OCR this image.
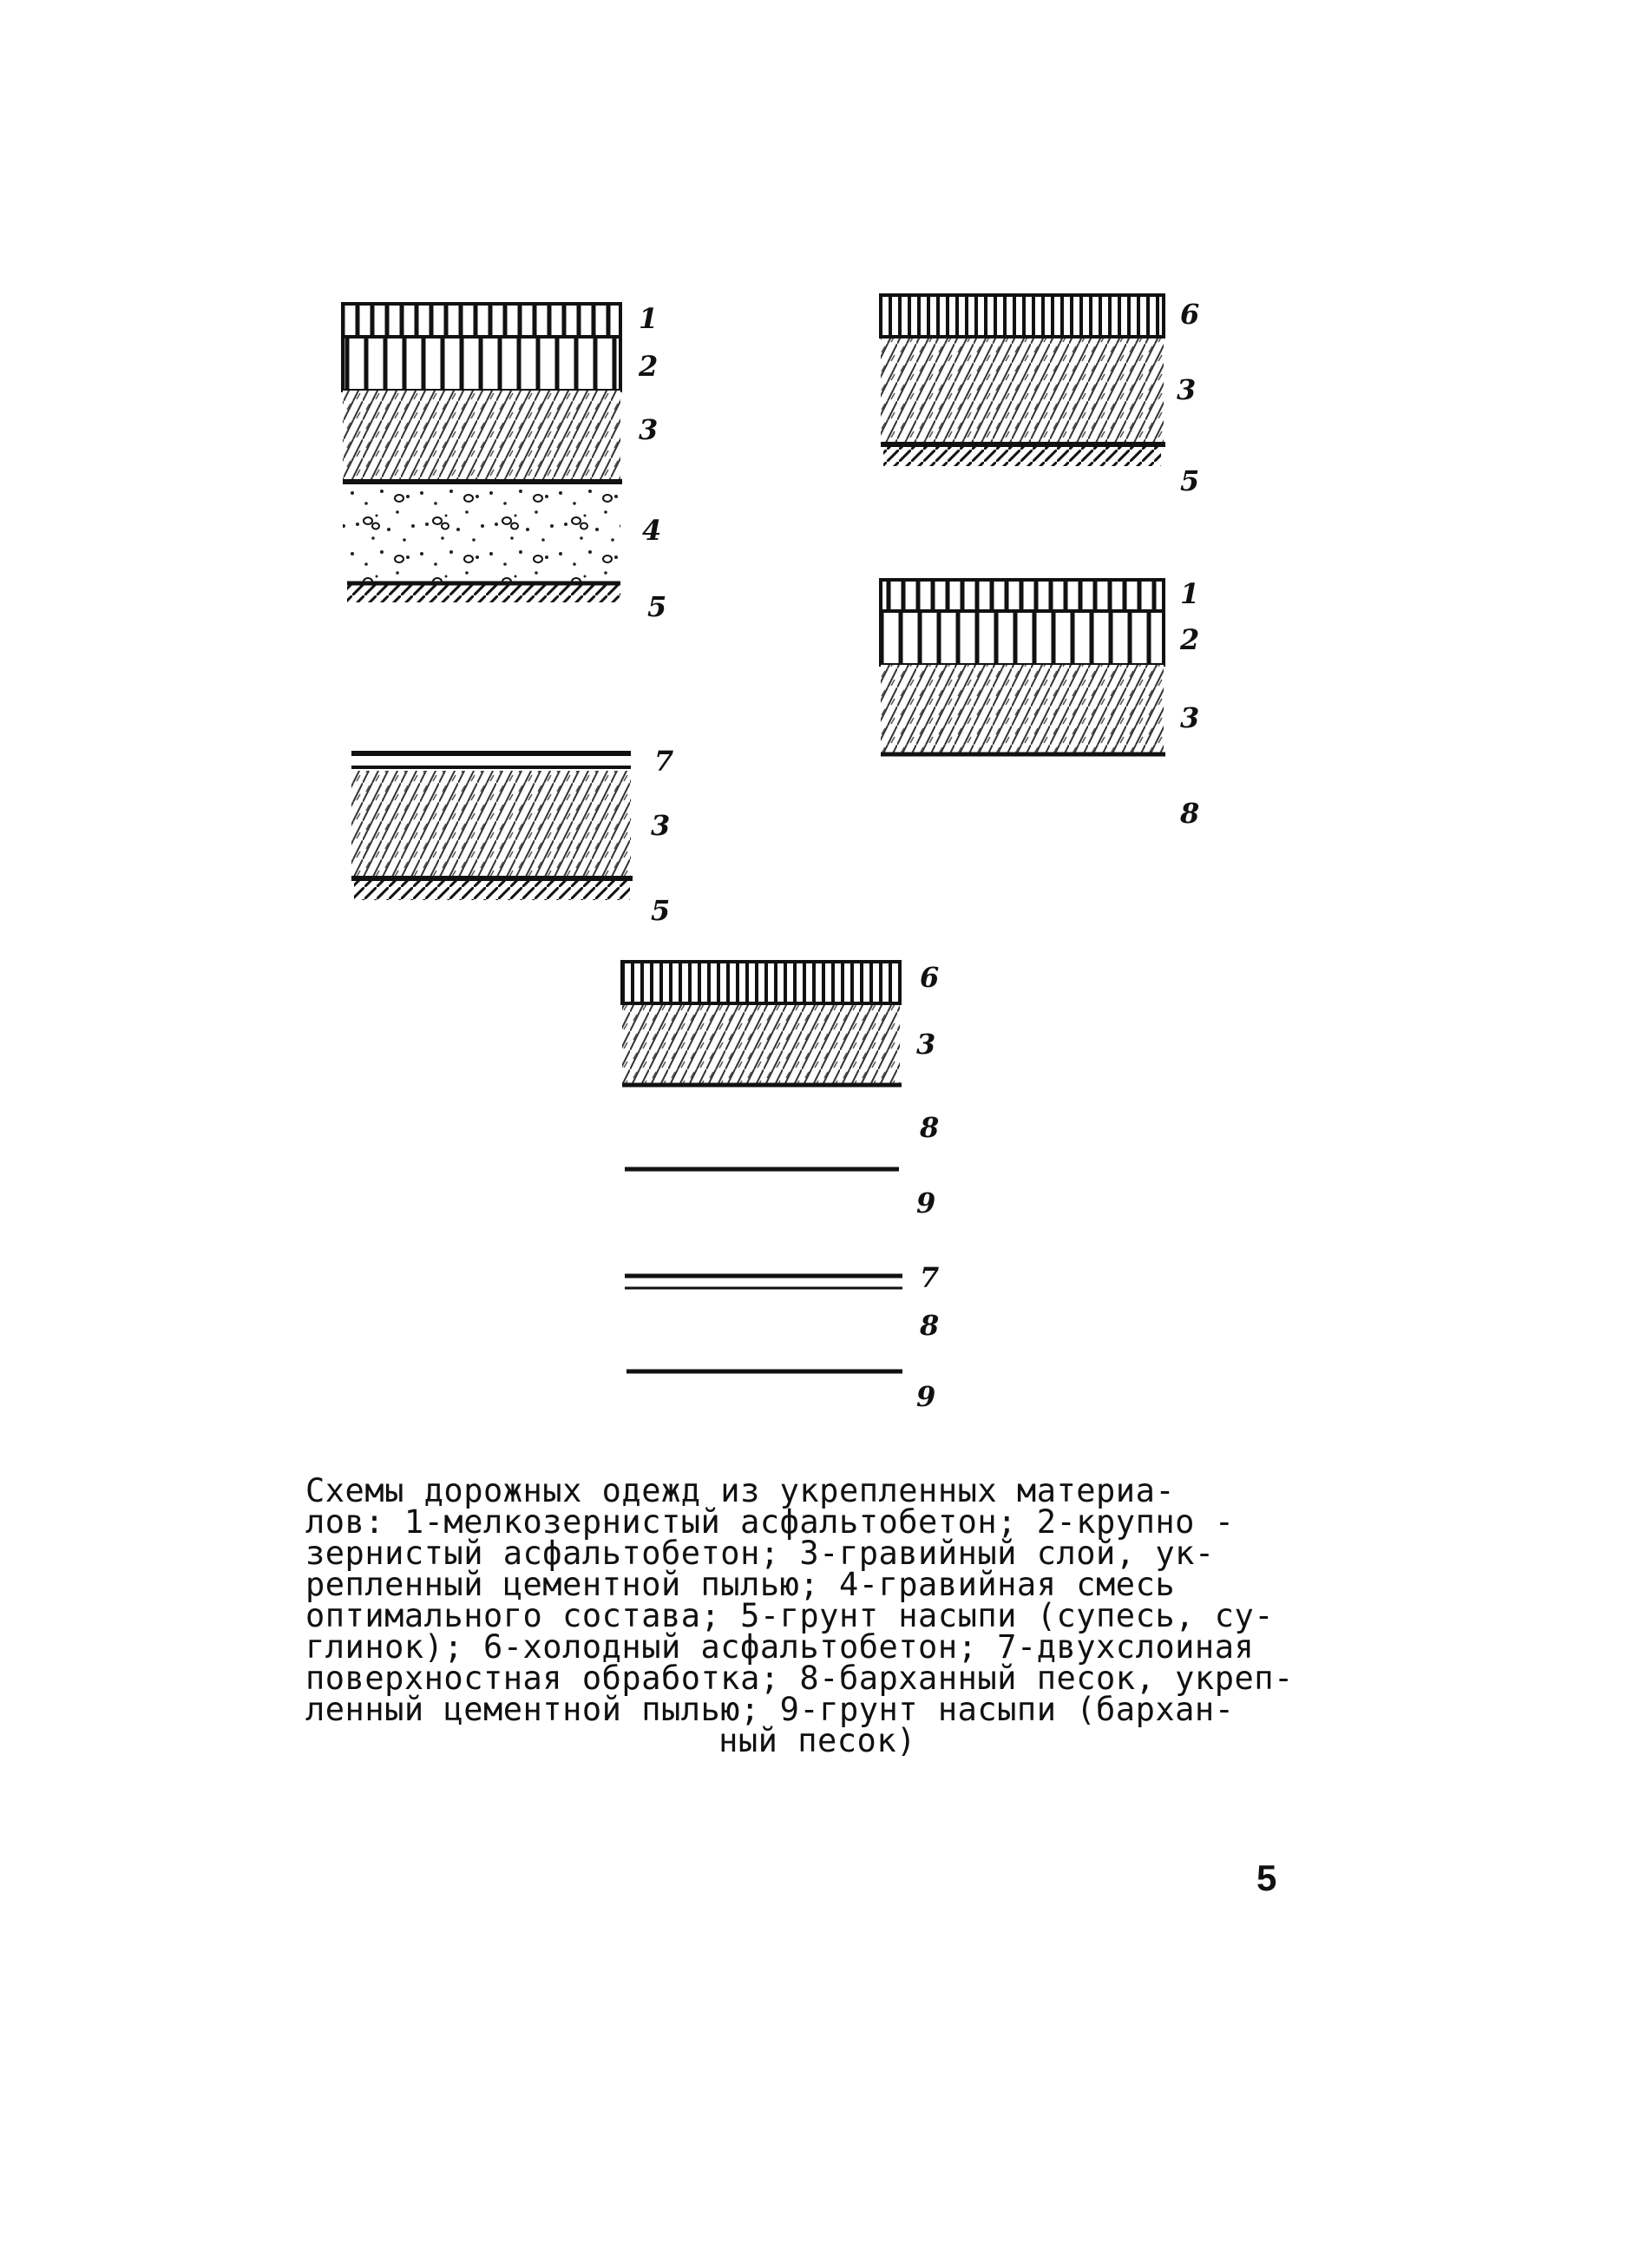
1
2
3
4
5
6
3
5
1
2
3
8
7
3
5
6
3
8
9
7
8
9
Схемы дорожных одежд из укрепленных материа-
лов: 1-мелкозернистый асфальтобетон; 2-крупно -
зернистый асфальтобетон; 3-гравийный слой, ук-
репленный цементной пылью; 4-гравийная смесь
оптимального состава; 5-грунт насыпи (супесь, су-
глинок); 6-холодный асфальтобетон; 7-двухслоиная
поверхностная обработка; 8-барханный песок, укреп-
ленный цементной пылью; 9-грунт насыпи (бархан-
ный песок)
5
